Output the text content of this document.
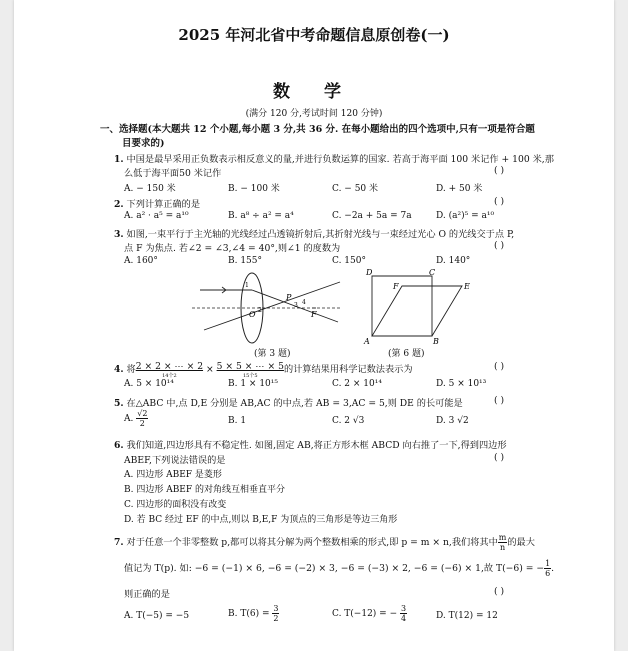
2025 年河北省中考命题信息原创卷(一)
数 学
(满分 120 分,考试时间 120 分钟)
一、选择题(本大题共 12 个小题,每小题 3 分,共 36 分. 在每小题给出的四个选项中,只有一项是符合题
目要求的)
1. 中国是最早采用正负数表示相反意义的量,并进行负数运算的国家. 若高于海平面 100 米记作 + 100 米,那
么低于海平面50 米记作	( )
A. − 150 米	B. − 100 米	C. − 50 米	D. + 50 米
2. 下列计算正确的是	( )
A. a² · a⁵ = a¹⁰	B. a⁸ ÷ a² = a⁴	C. −2a + 5a = 7a	D. (a²)⁵ = a¹⁰
3. 如图,一束平行于主光轴的光线经过凸透镜折射后,其折射光线与一束经过光心 O 的光线交于点 P,
点 F 为焦点. 若∠2 = ∠3,∠4 = 40°,则∠1 的度数为	( )
A. 160°	B. 155°	C. 150°	D. 140°
P
O	F
1
2
3 4
(第 3 题)
A	B
C
D
E
F
(第 6 题)
4. 将2 × 2 × ⋯ × 2
$^{14个2}$ × 5 × 5 × ⋯ × 5
$^{15个5}$的计算结果用科学记数法表示为	( )
A. 5 × 10¹⁴	B. 1 × 10¹⁵	C. 2 × 10¹⁴	D. 5 × 10¹³
5. 在△ABC 中,点 D,E 分别是 AB,AC 的中点,若 AB = 3,AC = 5,则 DE 的长可能是	( )
A. $\frac{√2}{2}$	B. 1	C. 2 √3	D. 3 √2
6. 我们知道,四边形具有不稳定性. 如图,固定 AB,将正方形木框 ABCD 向右推了一下,得到四边形
ABEF,下列说法错误的是	( )
A. 四边形 ABEF 是菱形
B. 四边形 ABEF 的对角线互相垂直平分
C. 四边形的面积没有改变
D. 若 BC 经过 EF 的中点,则以 B,E,F 为顶点的三角形是等边三角形
7. 对于任意一个非零整数 p,都可以将其分解为两个整数相乘的形式,即 p = m × n,我们将其中 $\frac{m}{n}$ 的最大
值记为 T(p). 如: −6 = (−1) × 6, −6 = (−2) × 3, −6 = (−3) × 2, −6 = (−6) × 1,故 T(−6) = − $\frac{1}{6}$ .
则正确的是	( )
A. T(−5) = −5	B. $T(6) = \frac{3}{2}$	C. T(−12) = − $\frac{3}{4}$	D. T(12) = 12
